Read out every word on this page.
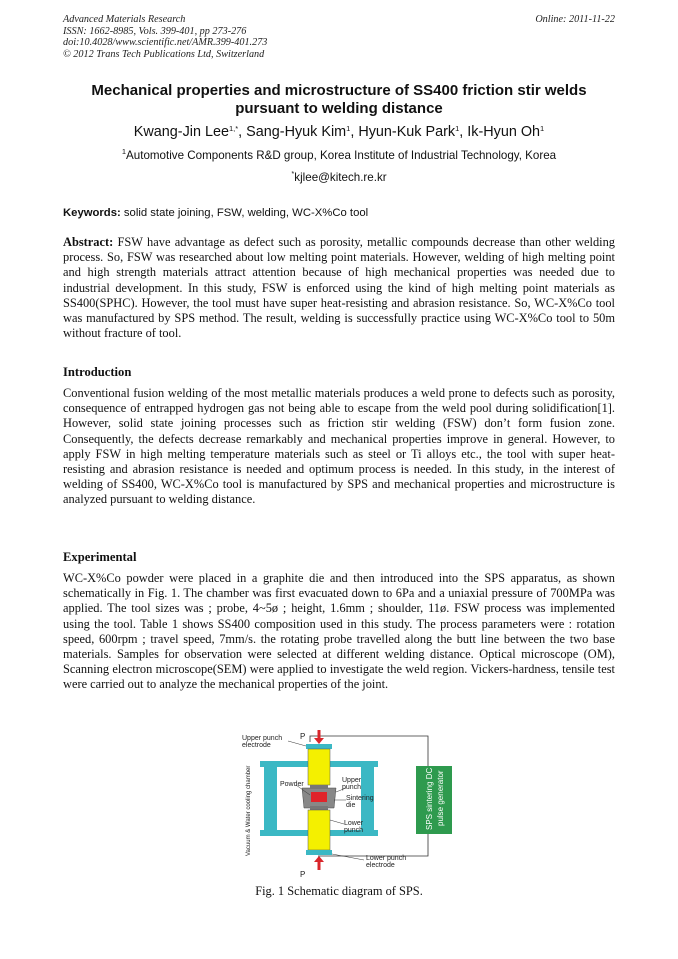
Advanced Materials Research
ISSN: 1662-8985, Vols. 399-401, pp 273-276
doi:10.4028/www.scientific.net/AMR.399-401.273
© 2012 Trans Tech Publications Ltd, Switzerland
Online: 2011-11-22
Mechanical properties and microstructure of SS400 friction stir welds pursuant to welding distance
Kwang-Jin Lee$^{1,*}$, Sang-Hyuk Kim$^1$, Hyun-Kuk Park$^1$, Ik-Hyun Oh$^1$
$^1$Automotive Components R&D group, Korea Institute of Industrial Technology, Korea
*kjlee@kitech.re.kr
Keywords: solid state joining, FSW, welding, WC-X%Co tool

Abstract: FSW have advantage as defect such as porosity, metallic compounds decrease than other welding process. So, FSW was researched about low melting point materials. However, welding of high melting point and high strength materials attract attention because of high mechanical properties was needed due to industrial development. In this study, FSW is enforced using the kind of high melting point materials as SS400(SPHC). However, the tool must have super heat-resisting and abrasion resistance. So, WC-X%Co tool was manufactured by SPS method. The result, welding is successfully practice using WC-X%Co tool to 50m without fracture of tool.

Introduction

Conventional fusion welding of the most metallic materials produces a weld prone to defects such as porosity, consequence of entrapped hydrogen gas not being able to escape from the weld pool during solidification[1]. However, solid state joining processes such as friction stir welding (FSW) don’t form fusion zone. Consequently, the defects decrease remarkably and mechanical properties improve in general. However, to apply FSW in high melting temperature materials such as steel or Ti alloys etc., the tool with super heat-resisting and abrasion resistance is needed and optimum process is needed. In this study, in the interest of welding of SS400, WC-X%Co tool is manufactured by SPS and mechanical properties and microstructure is analyzed pursuant to welding distance.

Experimental

WC-X%Co powder were placed in a graphite die and then introduced into the SPS apparatus, as shown schematically in Fig. 1. The chamber was first evacuated down to 6Pa and a uniaxial pressure of 700MPa was applied. The tool sizes was ; probe, 4~5ø ; height, 1.6mm ; shoulder, 11ø. FSW process was implemented using the tool. Table 1 shows SS400 composition used in this study. The process parameters were : rotation speed, 600rpm ; travel speed, 7mm/s. the rotating probe travelled along the butt line between the two base materials. Samples for observation were selected at different welding distance. Optical microscope (OM), Scanning electron microscope(SEM) were applied to investigate the weld region. Vickers-hardness, tensile test were carried out to analyze the mechanical properties of the joint.

Upper punch
electrode
P
Powder
Upper
punch
Sintering
die
Lower
punch
Lower punch
electrode
P
Vacuum & Water cooling chamber	SPS sintering DC pulse generator
Fig. 1 Schematic diagram of SPS.
